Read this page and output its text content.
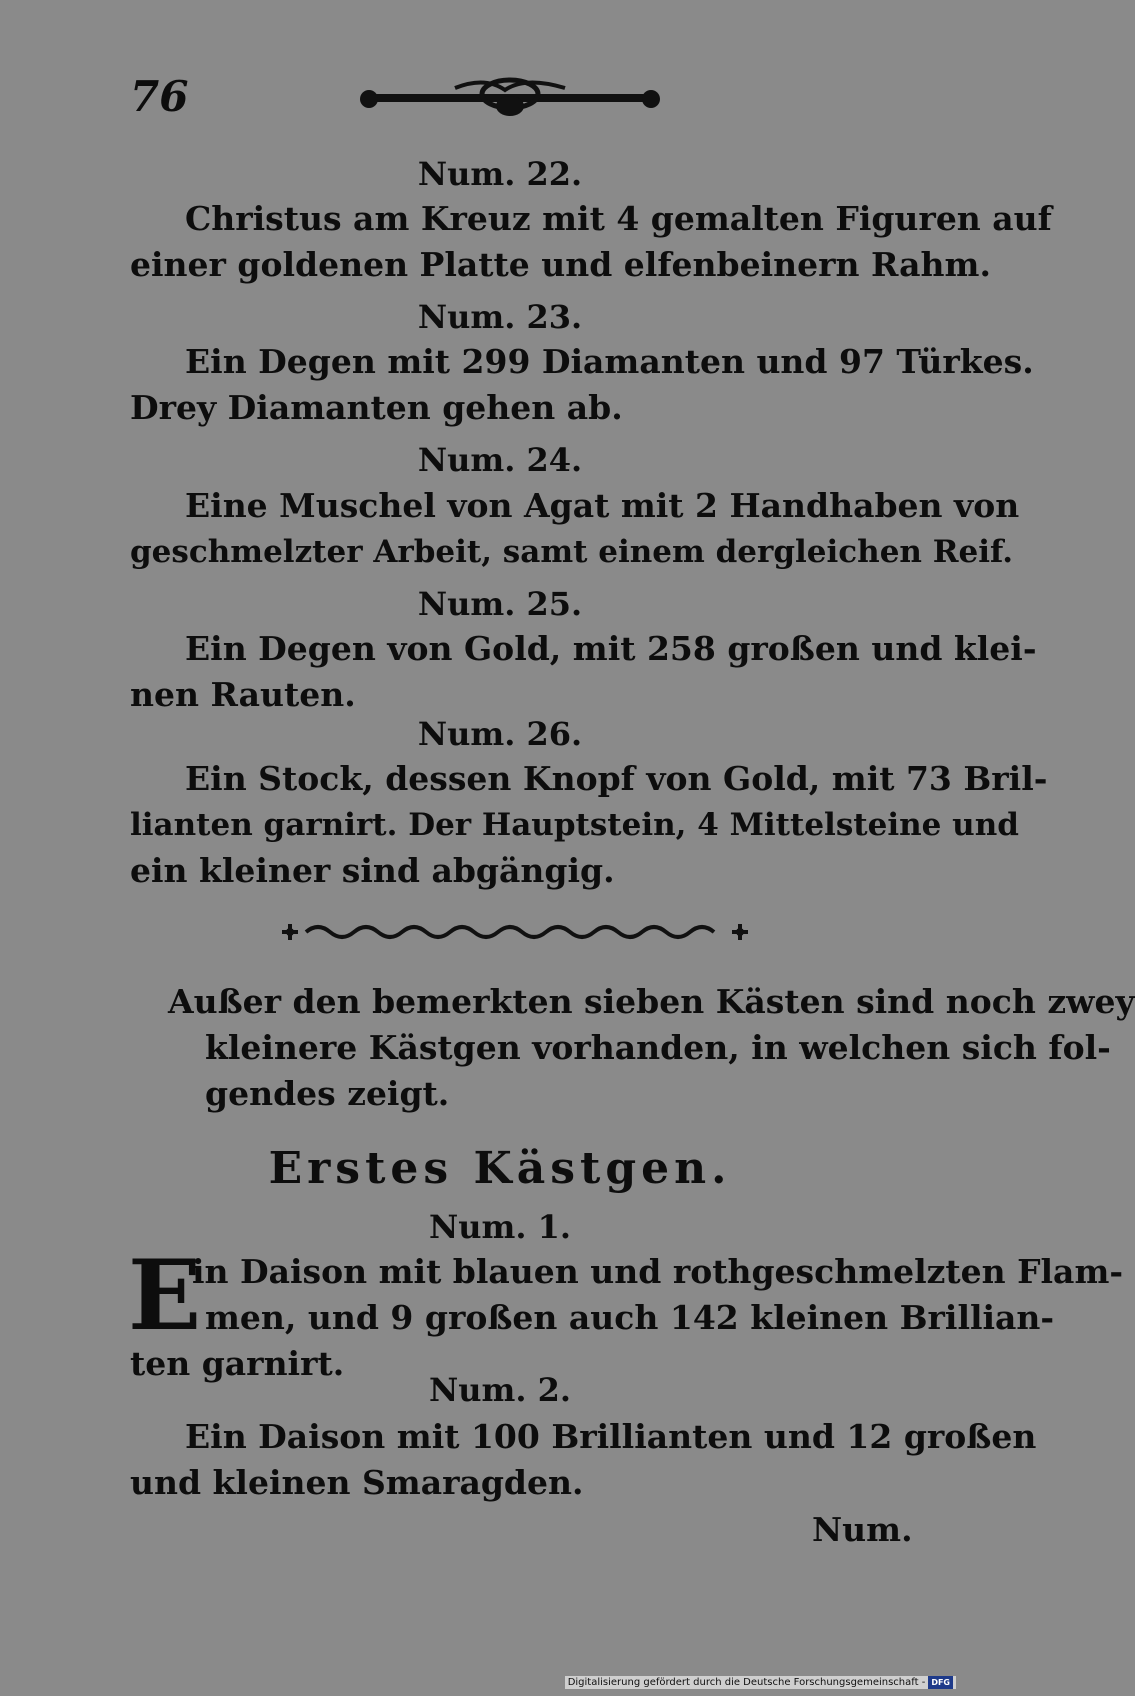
76

Num. 22.

Christus am Kreuz mit 4 gemalten Figuren auf

einer goldenen Platte und elfenbeinern Rahm.

Num. 23.

Ein Degen mit 299 Diamanten und 97 Türkes.

Drey Diamanten gehen ab.

Num. 24.

Eine Muschel von Agat mit 2 Handhaben von

geschmelzter Arbeit, samt einem dergleichen Reif.

Num. 25.

Ein Degen von Gold, mit 258 großen und klei-

nen Rauten.

Num. 26.

Ein Stock, dessen Knopf von Gold, mit 73 Bril-

lianten garnirt. Der Hauptstein, 4 Mittelsteine und

ein kleiner sind abgängig.

Außer den bemerkten sieben Kästen sind noch zwey

kleinere Kästgen vorhanden, in welchen sich fol-

gendes zeigt.

Erstes Kästgen.

Num. 1.

E

in Daison mit blauen und rothgeschmelzten Flam-

men, und 9 großen auch 142 kleinen Brillian-

ten garnirt.

Num. 2.

Ein Daison mit 100 Brillianten und 12 großen

und kleinen Smaragden.

Num.

Digitalisierung gefördert durch die Deutsche Forschungsgemeinschaft - DFG
